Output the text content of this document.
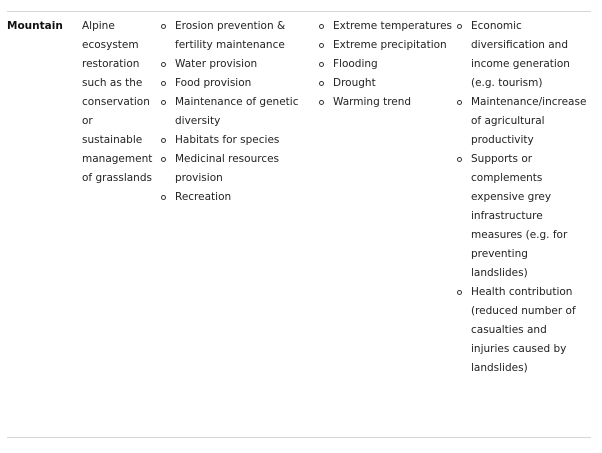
Mountain	Alpine ecosystem restoration such as the conservation or sustainable management of grasslands
Erosion prevention & fertility maintenance
Water provision
Food provision
Maintenance of genetic diversity
Habitats for species
Medicinal resources provision
Recreation
Extreme temperatures
Extreme precipitation
Flooding
Drought
Warming trend
Economic diversification and income generation (e.g. tourism)
Maintenance/increase of agricultural productivity
Supports or complements expensive grey infrastructure measures (e.g. for preventing landslides)
Health contribution (reduced number of casualties and injuries caused by landslides)
